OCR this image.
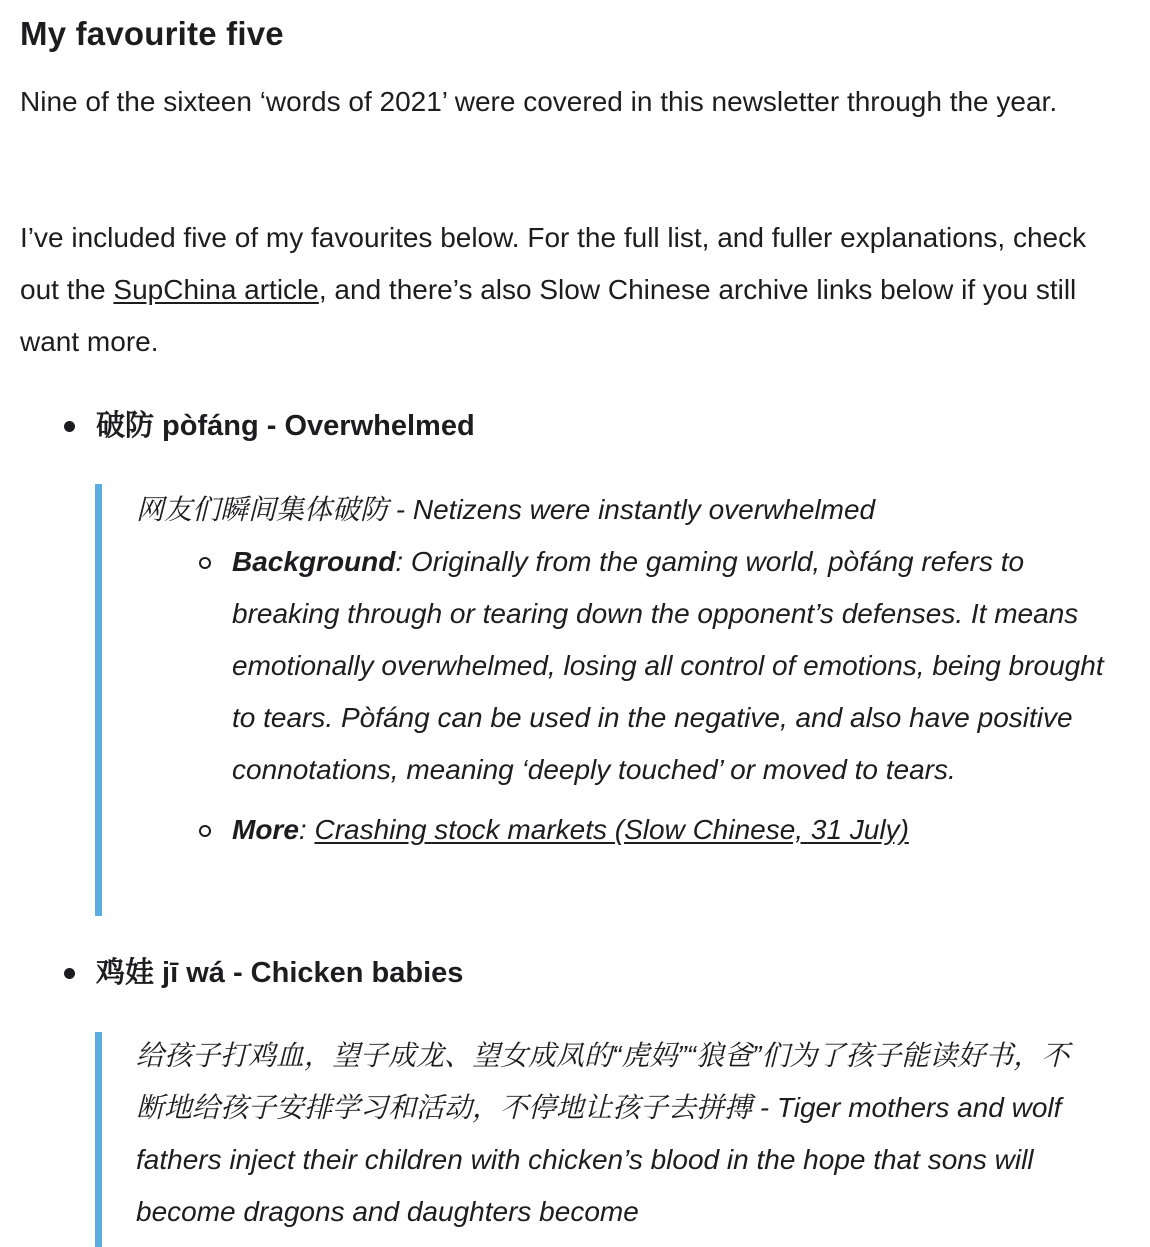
My favourite five

Nine of the sixteen ‘words of 2021’ were covered in this newsletter through the year.

I’ve included five of my favourites below. For the full list, and fuller explanations, check out the SupChina article, and there’s also Slow Chinese archive links below if you still want more.

破防 pòfáng - Overwhelmed
网友们瞬间集体破防 - Netizens were instantly overwhelmed
Background: Originally from the gaming world, pòfáng refers to breaking through or tearing down the opponent’s defenses. It means emotionally overwhelmed, losing all control of emotions, being brought to tears. Pòfáng can be used in the negative, and also have positive connotations, meaning ‘deeply touched’ or moved to tears.
More: Crashing stock markets (Slow Chinese, 31 July)
鸡娃 jī wá - Chicken babies
给孩子打鸡血，望子成龙、望女成凤的“虎妈”“狼爸”们为了孩子能读好书，不断地给孩子安排学习和活动，不停地让孩子去拼搏 - Tiger mothers and wolf fathers inject their children with chicken’s blood in the hope that sons will become dragons and daughters become
